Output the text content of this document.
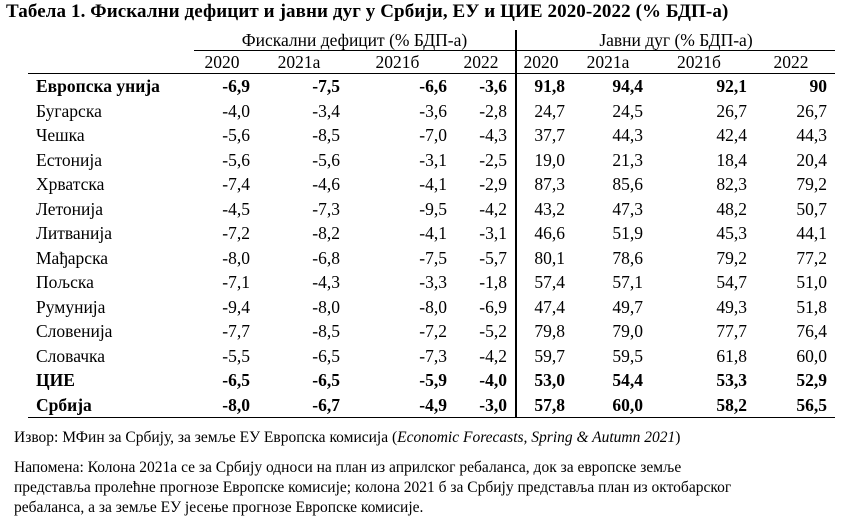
Табела 1. Фискални дефицит и јавни дуг у Србији, ЕУ и ЦИЕ 2020-2022 (% БДП-а)
	Фискални дефицит (% БДП-а)				Јавни дуг (% БДП-а)			
	2020	2021а	2021б	2022	2020	2021а	2021б	2022
Европска унија	-6,9	-7,5	-6,6	-3,6	91,8	94,4	92,1	90
Бугарска	-4,0	-3,4	-3,6	-2,8	24,7	24,5	26,7	26,7
Чешка	-5,6	-8,5	-7,0	-4,3	37,7	44,3	42,4	44,3
Естонија	-5,6	-5,6	-3,1	-2,5	19,0	21,3	18,4	20,4
Хрватска	-7,4	-4,6	-4,1	-2,9	87,3	85,6	82,3	79,2
Летонија	-4,5	-7,3	-9,5	-4,2	43,2	47,3	48,2	50,7
Литванија	-7,2	-8,2	-4,1	-3,1	46,6	51,9	45,3	44,1
Мађарска	-8,0	-6,8	-7,5	-5,7	80,1	78,6	79,2	77,2
Пољска	-7,1	-4,3	-3,3	-1,8	57,4	57,1	54,7	51,0
Румунија	-9,4	-8,0	-8,0	-6,9	47,4	49,7	49,3	51,8
Словенија	-7,7	-8,5	-7,2	-5,2	79,8	79,0	77,7	76,4
Словачка	-5,5	-6,5	-7,3	-4,2	59,7	59,5	61,8	60,0
ЦИЕ	-6,5	-6,5	-5,9	-4,0	53,0	54,4	53,3	52,9
Србија	-8,0	-6,7	-4,9	-3,0	57,8	60,0	58,2	56,5
Извор: МФин за Србију, за земље ЕУ Европска комисија (Economic Forecasts, Spring & Autumn 2021)
Напомена: Колона 2021а се за Србију односи на план из априлског ребаланса, док за европске земље
представља пролећне прогнозе Европске комисије; колона 2021 б за Србију представља план из октобарског
ребаланса, а за земље ЕУ јесење прогнозе Европске комисије.
